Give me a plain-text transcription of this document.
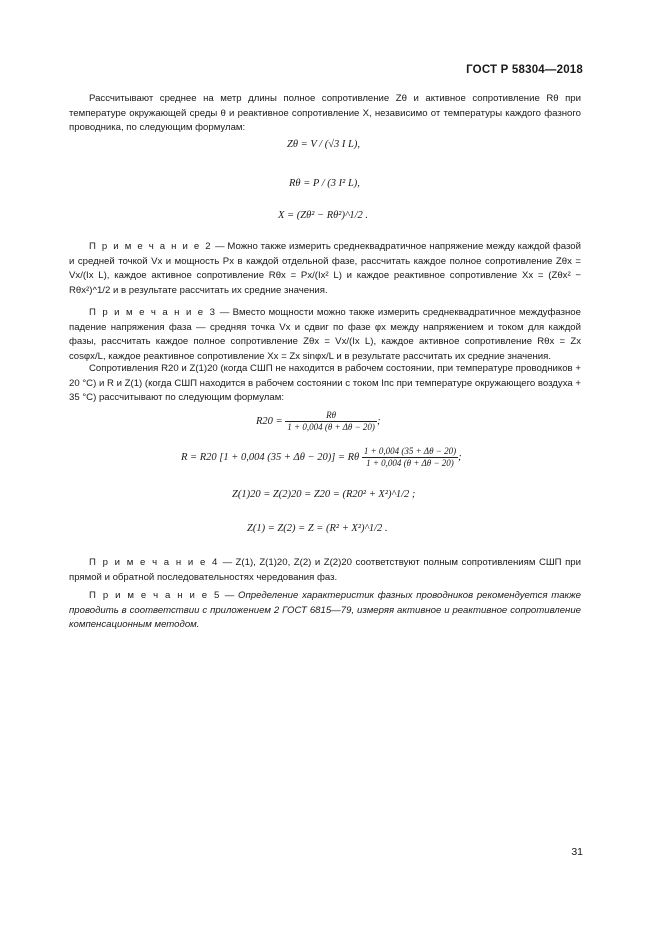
ГОСТ Р 58304—2018
Рассчитывают среднее на метр длины полное сопротивление Zθ и активное сопротивление Rθ при температуре окружающей среды θ и реактивное сопротивление X, независимо от температуры каждого фазного проводника, по следующим формулам:
Zθ = V / (√3 I L),
Rθ = P / (3 I² L),
X = (Zθ² − Rθ²)^1/2 .
П р и м е ч а н и е 2 — Можно также измерить среднеквадратичное напряжение между каждой фазой и средней точкой Vx и мощность Px в каждой отдельной фазе, рассчитать каждое полное сопротивление Zθx = Vx/(Ix L), каждое активное сопротивление Rθx = Px/(Ix² L) и каждое реактивное сопротивление Xx = (Zθx² − Rθx²)^1/2 и в результате рассчитать их средние значения.
П р и м е ч а н и е 3 — Вместо мощности можно также измерить среднеквадратичное междуфазное падение напряжения фаза — средняя точка Vx и сдвиг по фазе φx между напряжением и током для каждой фазы, рассчитать каждое полное сопротивление Zθx = Vx/(Ix L), каждое активное сопротивление Rθx = Zx cosφx/L, каждое реактивное сопротивление Xx = Zx sinφx/L и в результате рассчитать их средние значения.
Сопротивления R20 и Z(1)20 (когда СШП не находится в рабочем состоянии, при температуре проводников + 20 °C) и R и Z(1) (когда СШП находится в рабочем состоянии с током Iпс при температуре окружающего воздуха + 35 °C) рассчитывают по следующим формулам:
$R20 = \frac{R\theta}{1 + 0,004 (\theta + \Delta\theta - 20)}$ ;
R = R20 [1 + 0,004 (35 + Δθ − 20)] = Rθ $\frac{1 + 0,004 (35 + \Delta\theta - 20)}{1 + 0,004 (\theta + \Delta\theta - 20)}$ ;
Z(1)20 = Z(2)20 = Z20 = (R20² + X²)^1/2 ;
Z(1) = Z(2) = Z = (R² + X²)^1/2 .
П р и м е ч а н и е 4 — Z(1), Z(1)20, Z(2) и Z(2)20 соответствуют полным сопротивлениям СШП при прямой и обратной последовательностях чередования фаз.
П р и м е ч а н и е 5 — Определение характеристик фазных проводников рекомендуется также проводить в соответствии с приложением 2 ГОСТ 6815—79, измеряя активное и реактивное сопротивление компенсационным методом.
31
